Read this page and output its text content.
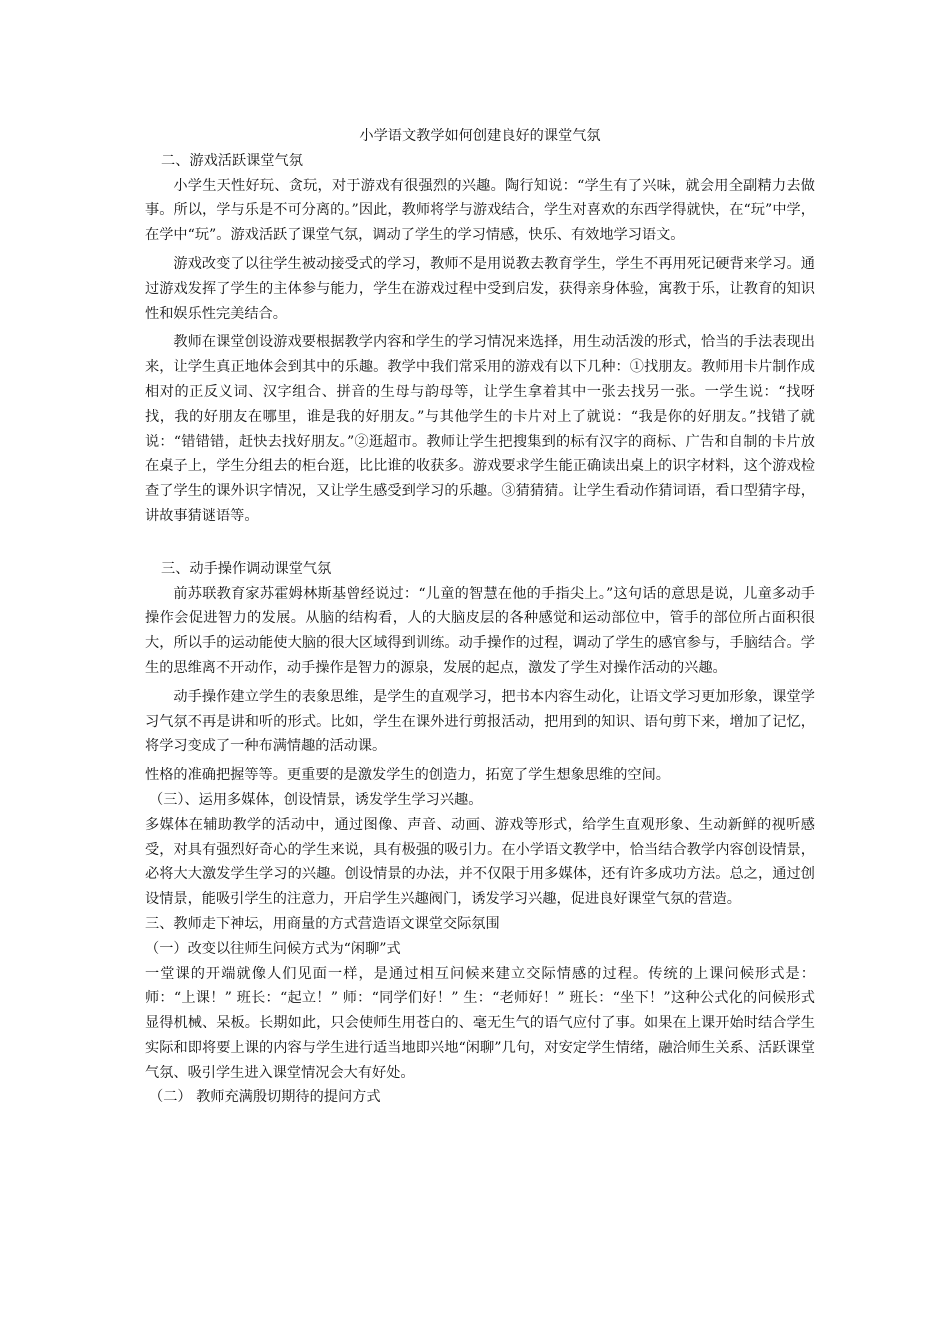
小学语文教学如何创建良好的课堂气氛

二、游戏活跃课堂气氛

小学生天性好玩、贪玩，对于游戏有很强烈的兴趣。陶行知说：“学生有了兴味，就会用全副精力去做事。所以，学与乐是不可分离的。”因此，教师将学与游戏结合，学生对喜欢的东西学得就快，在“玩”中学，在学中“玩”。游戏活跃了课堂气氛，调动了学生的学习情感，快乐、有效地学习语文。

游戏改变了以往学生被动接受式的学习，教师不是用说教去教育学生，学生不再用死记硬背来学习。通过游戏发挥了学生的主体参与能力，学生在游戏过程中受到启发，获得亲身体验，寓教于乐，让教育的知识性和娱乐性完美结合。

教师在课堂创设游戏要根据教学内容和学生的学习情况来选择，用生动活泼的形式，恰当的手法表现出来，让学生真正地体会到其中的乐趣。教学中我们常采用的游戏有以下几种：①找朋友。教师用卡片制作成相对的正反义词、汉字组合、拼音的生母与韵母等，让学生拿着其中一张去找另一张。一学生说：“找呀找，我的好朋友在哪里，谁是我的好朋友。”与其他学生的卡片对上了就说：“我是你的好朋友。”找错了就说：“错错错，赶快去找好朋友。”②逛超市。教师让学生把搜集到的标有汉字的商标、广告和自制的卡片放在桌子上，学生分组去的柜台逛，比比谁的收获多。游戏要求学生能正确读出桌上的识字材料，这个游戏检查了学生的课外识字情况，又让学生感受到学习的乐趣。③猜猜猜。让学生看动作猜词语，看口型猜字母，讲故事猜谜语等。

三、动手操作调动课堂气氛

前苏联教育家苏霍姆林斯基曾经说过：“儿童的智慧在他的手指尖上。”这句话的意思是说，儿童多动手操作会促进智力的发展。从脑的结构看，人的大脑皮层的各种感觉和运动部位中，管手的部位所占面积很大，所以手的运动能使大脑的很大区域得到训练。动手操作的过程，调动了学生的感官参与，手脑结合。学生的思维离不开动作，动手操作是智力的源泉，发展的起点，激发了学生对操作活动的兴趣。

动手操作建立学生的表象思维，是学生的直观学习，把书本内容生动化，让语文学习更加形象，课堂学习气氛不再是讲和听的形式。比如，学生在课外进行剪报活动，把用到的知识、语句剪下来，增加了记忆，将学习变成了一种布满情趣的活动课。

性格的准确把握等等。更重要的是激发学生的创造力，拓宽了学生想象思维的空间。

（三）、运用多媒体，创设情景，诱发学生学习兴趣。

多媒体在辅助教学的活动中，通过图像、声音、动画、游戏等形式，给学生直观形象、生动新鲜的视听感受，对具有强烈好奇心的学生来说，具有极强的吸引力。在小学语文教学中，恰当结合教学内容创设情景，必将大大激发学生学习的兴趣。创设情景的办法，并不仅限于用多媒体，还有许多成功方法。总之，通过创设情景，能吸引学生的注意力，开启学生兴趣阀门，诱发学习兴趣，促进良好课堂气氛的营造。

三、教师走下神坛，用商量的方式营造语文课堂交际氛围

（一）改变以往师生问候方式为“闲聊”式

一堂课的开端就像人们见面一样，是通过相互问候来建立交际情感的过程。传统的上课问候形式是：师：“上课！” 班长：“起立！” 师：“同学们好！” 生：“老师好！” 班长：“坐下！”这种公式化的问候形式显得机械、呆板。长期如此，只会使师生用苍白的、毫无生气的语气应付了事。如果在上课开始时结合学生实际和即将要上课的内容与学生进行适当地即兴地“闲聊”几句，对安定学生情绪，融洽师生关系、活跃课堂气氛、吸引学生进入课堂情况会大有好处。

（二） 教师充满殷切期待的提问方式
